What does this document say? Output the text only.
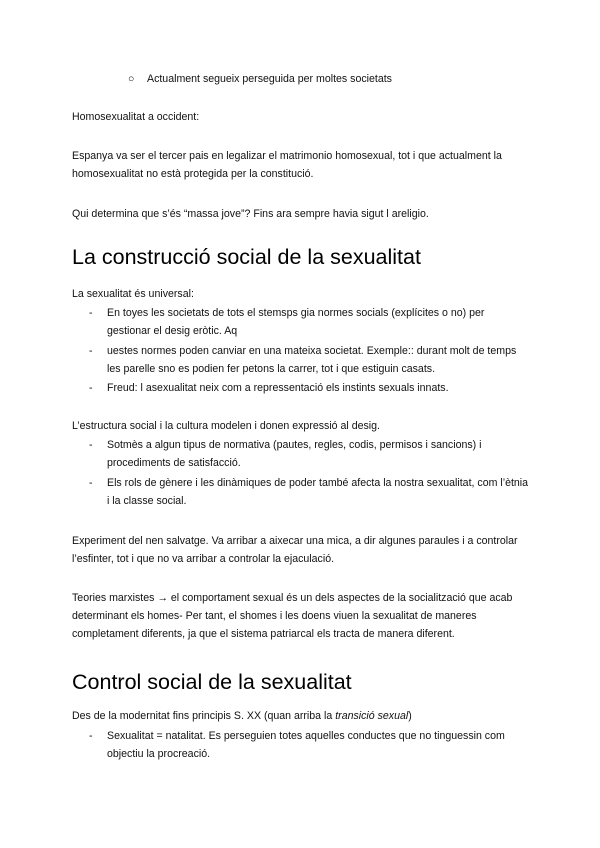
○	Actualment segueix perseguida per moltes societats

Homosexualitat a occident:

Espanya va ser el tercer pais en legalizar el matrimonio homosexual, tot i que actualment la homosexualitat no està protegida per la constitució.

Qui determina que s’és “massa jove”? Fins ara sempre havia sigut l areligio.

La construcció social de la sexualitat

La sexualitat és universal:

-	En toyes les societats de tots el stemsps gia normes socials (explícites o no) per gestionar el desig eròtic. Aq
-	uestes normes poden canviar en una mateixa societat. Exemple:: durant molt de temps les parelle sno es podien fer petons la carrer, tot i que estiguin casats.
-	Freud: l asexualitat neix com a repressentació els instints sexuals innats.

L’estructura social i la cultura modelen i donen expressió al desig.

-	Sotmès a algun tipus de normativa (pautes, regles, codis, permisos i sancions) i procediments de satisfacció.
-	Els rols de gènere i les dinàmiques de poder també afecta la nostra sexualitat, com l’ètnia i la classe social.

Experiment del nen salvatge. Va arribar a aixecar una mica, a dir algunes paraules i a controlar l’esfinter, tot i que no va arribar a controlar la ejaculació.

Teories marxistes → el comportament sexual és un dels aspectes de la socialització que acab determinant els homes- Per tant, el shomes i les doens viuen la sexualitat de maneres completament diferents, ja que el sistema patriarcal els tracta de manera diferent.

Control social de la sexualitat

Des de la modernitat fins principis S. XX (quan arriba la transició sexual)

-	Sexualitat = natalitat. Es perseguien totes aquelles conductes que no tinguessin com objectiu la procreació.
